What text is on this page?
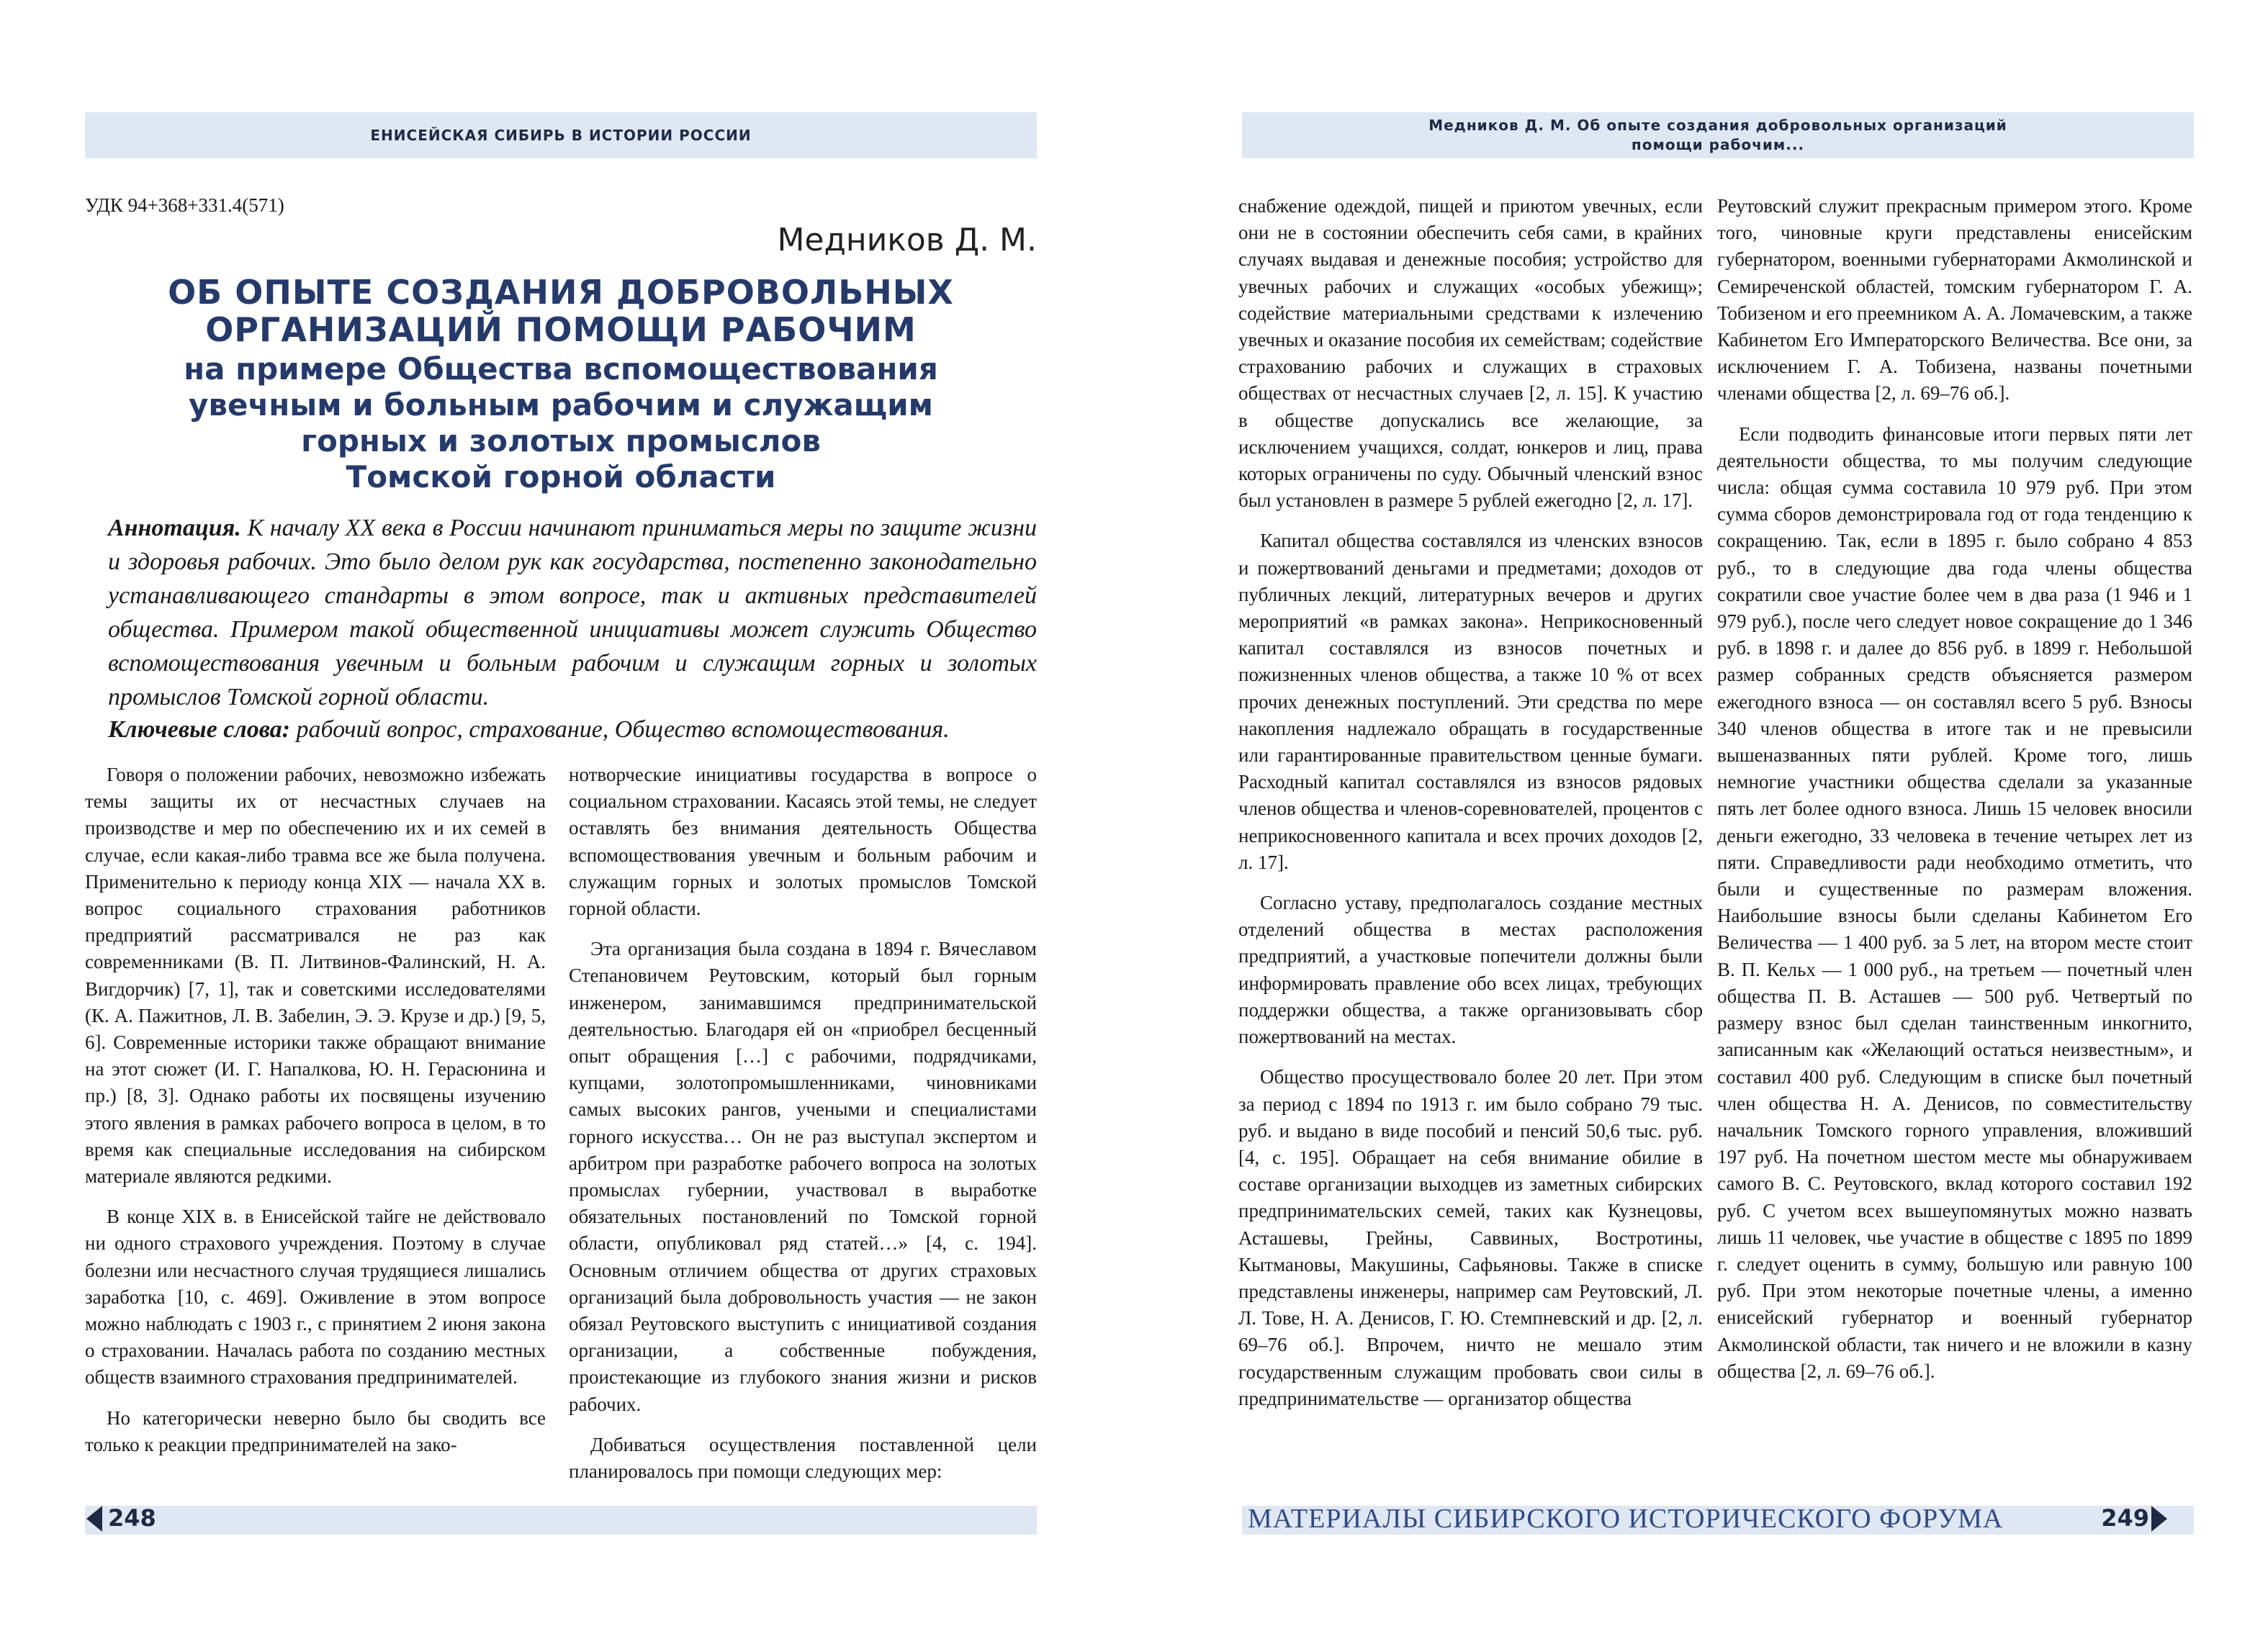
ЕНИСЕЙСКАЯ СИБИРЬ В ИСТОРИИ РОССИИ
УДК 94+368+331.4(571)
Медников Д. М.
ОБ ОПЫТЕ СОЗДАНИЯ ДОБРОВОЛЬНЫХ
ОРГАНИЗАЦИЙ ПОМОЩИ РАБОЧИМ
на примере Общества вспомоществования
увечным и больным рабочим и служащим
горных и золотых промыслов
Томской горной области
Аннотация. К началу XX века в России начинают приниматься меры по защите жизни и здоровья рабочих. Это было делом рук как государства, постепенно законодательно устанавливающего стандарты в этом вопросе, так и активных представителей общества. Примером такой общественной инициативы может служить Общество вспомоществования увечным и больным рабочим и служащим горных и золотых промыслов Томской горной области.
Ключевые слова: рабочий вопрос, страхование, Общество вспомоществования.

Говоря о положении рабочих, невозможно избежать темы защиты их от несчастных случаев на производстве и мер по обеспечению их и их семей в случае, если какая-либо травма все же была получена. Применительно к периоду конца XIX — начала XX в. вопрос социального страхования работников предприятий рассматривался не раз как современниками (В. П. Литвинов-Фалинский, Н. А. Вигдорчик) [7, 1], так и советскими исследователями (К. А. Пажитнов, Л. В. Забелин, Э. Э. Крузе и др.) [9, 5, 6]. Современные историки также обращают внимание на этот сюжет (И. Г. Напалкова, Ю. Н. Герасюнина и пр.) [8, 3]. Однако работы их посвящены изучению этого явления в рамках рабочего вопроса в целом, в то время как специальные исследования на сибирском материале являются редкими.

В конце XIX в. в Енисейской тайге не действовало ни одного страхового учреждения. Поэтому в случае болезни или несчастного случая трудящиеся лишались заработка [10, с. 469]. Оживление в этом вопросе можно наблюдать с 1903 г., с принятием 2 июня закона о страховании. Началась работа по созданию местных обществ взаимного страхования предпринимателей.

Но категорически неверно было бы сводить все только к реакции предпринимателей на зако-

нотворческие инициативы государства в вопросе о социальном страховании. Касаясь этой темы, не следует оставлять без внимания деятельность Общества вспомоществования увечным и больным рабочим и служащим горных и золотых промыслов Томской горной области.

Эта организация была создана в 1894 г. Вячеславом Степановичем Реутовским, который был горным инженером, занимавшимся предпринимательской деятельностью. Благодаря ей он «приобрел бесценный опыт обращения […] с рабочими, подрядчиками, купцами, золотопромышленниками, чиновниками самых высоких рангов, учеными и специалистами горного искусства… Он не раз выступал экспертом и арбитром при разработке рабочего вопроса на золотых промыслах губернии, участвовал в выработке обязательных постановлений по Томской горной области, опубликовал ряд статей…» [4, с. 194]. Основным отличием общества от других страховых организаций была добровольность участия — не закон обязал Реутовского выступить с инициативой создания организации, а собственные побуждения, проистекающие из глубокого знания жизни и рисков рабочих.

Добиваться осуществления поставленной цели планировалось при помощи следующих мер:

248
Медников Д. М. Об опыте создания добровольных организаций
помощи рабочим...

снабжение одеждой, пищей и приютом увечных, если они не в состоянии обеспечить себя сами, в крайних случаях выдавая и денежные пособия; устройство для увечных рабочих и служащих «особых убежищ»; содействие материальными средствами к излечению увечных и оказание пособия их семействам; содействие страхованию рабочих и служащих в страховых обществах от несчастных случаев [2, л. 15]. К участию в обществе допускались все желающие, за исключением учащихся, солдат, юнкеров и лиц, права которых ограничены по суду. Обычный членский взнос был установлен в размере 5 рублей ежегодно [2, л. 17].

Капитал общества составлялся из членских взносов и пожертвований деньгами и предметами; доходов от публичных лекций, литературных вечеров и других мероприятий «в рамках закона». Неприкосновенный капитал составлялся из взносов почетных и пожизненных членов общества, а также 10 % от всех прочих денежных поступлений. Эти средства по мере накопления надлежало обращать в государственные или гарантированные правительством ценные бумаги. Расходный капитал составлялся из взносов рядовых членов общества и членов-соревнователей, процентов с неприкосновенного капитала и всех прочих доходов [2, л. 17].

Согласно уставу, предполагалось создание местных отделений общества в местах расположения предприятий, а участковые попечители должны были информировать правление обо всех лицах, требующих поддержки общества, а также организовывать сбор пожертвований на местах.

Общество просуществовало более 20 лет. При этом за период с 1894 по 1913 г. им было собрано 79 тыс. руб. и выдано в виде пособий и пенсий 50,6 тыс. руб. [4, с. 195]. Обращает на себя внимание обилие в составе организации выходцев из заметных сибирских предпринимательских семей, таких как Кузнецовы, Асташевы, Грейны, Саввиных, Востротины, Кытмановы, Макушины, Сафьяновы. Также в списке представлены инженеры, например сам Реутовский, Л. Л. Тове, Н. А. Денисов, Г. Ю. Стемпневский и др. [2, л. 69–76 об.]. Впрочем, ничто не мешало этим государственным служащим пробовать свои силы в предпринимательстве — организатор общества

Реутовский служит прекрасным примером этого. Кроме того, чиновные круги представлены енисейским губернатором, военными губернаторами Акмолинской и Семиреченской областей, томским губернатором Г. А. Тобизеном и его преемником А. А. Ломачевским, а также Кабинетом Его Императорского Величества. Все они, за исключением Г. А. Тобизена, названы почетными членами общества [2, л. 69–76 об.].

Если подводить финансовые итоги первых пяти лет деятельности общества, то мы получим следующие числа: общая сумма составила 10 979 руб. При этом сумма сборов демонстрировала год от года тенденцию к сокращению. Так, если в 1895 г. было собрано 4 853 руб., то в следующие два года члены общества сократили свое участие более чем в два раза (1 946 и 1 979 руб.), после чего следует новое сокращение до 1 346 руб. в 1898 г. и далее до 856 руб. в 1899 г. Небольшой размер собранных средств объясняется размером ежегодного взноса — он составлял всего 5 руб. Взносы 340 членов общества в итоге так и не превысили вышеназванных пяти рублей. Кроме того, лишь немногие участники общества сделали за указанные пять лет более одного взноса. Лишь 15 человек вносили деньги ежегодно, 33 человека в течение четырех лет из пяти. Справедливости ради необходимо отметить, что были и существенные по размерам вложения. Наибольшие взносы были сделаны Кабинетом Его Величества — 1 400 руб. за 5 лет, на втором месте стоит В. П. Кельх — 1 000 руб., на третьем — почетный член общества П. В. Асташев — 500 руб. Четвертый по размеру взнос был сделан таинственным инкогнито, записанным как «Желающий остаться неизвестным», и составил 400 руб. Следующим в списке был почетный член общества Н. А. Денисов, по совместительству начальник Томского горного управления, вложивший 197 руб. На почетном шестом месте мы обнаруживаем самого В. С. Реутовского, вклад которого составил 192 руб. С учетом всех вышеупомянутых можно назвать лишь 11 человек, чье участие в обществе с 1895 по 1899 г. следует оценить в сумму, большую или равную 100 руб. При этом некоторые почетные члены, а именно енисейский губернатор и военный губернатор Акмолинской области, так ничего и не вложили в казну общества [2, л. 69–76 об.].

МАТЕРИАЛЫ СИБИРСКОГО ИСТОРИЧЕСКОГО ФОРУМА	249
